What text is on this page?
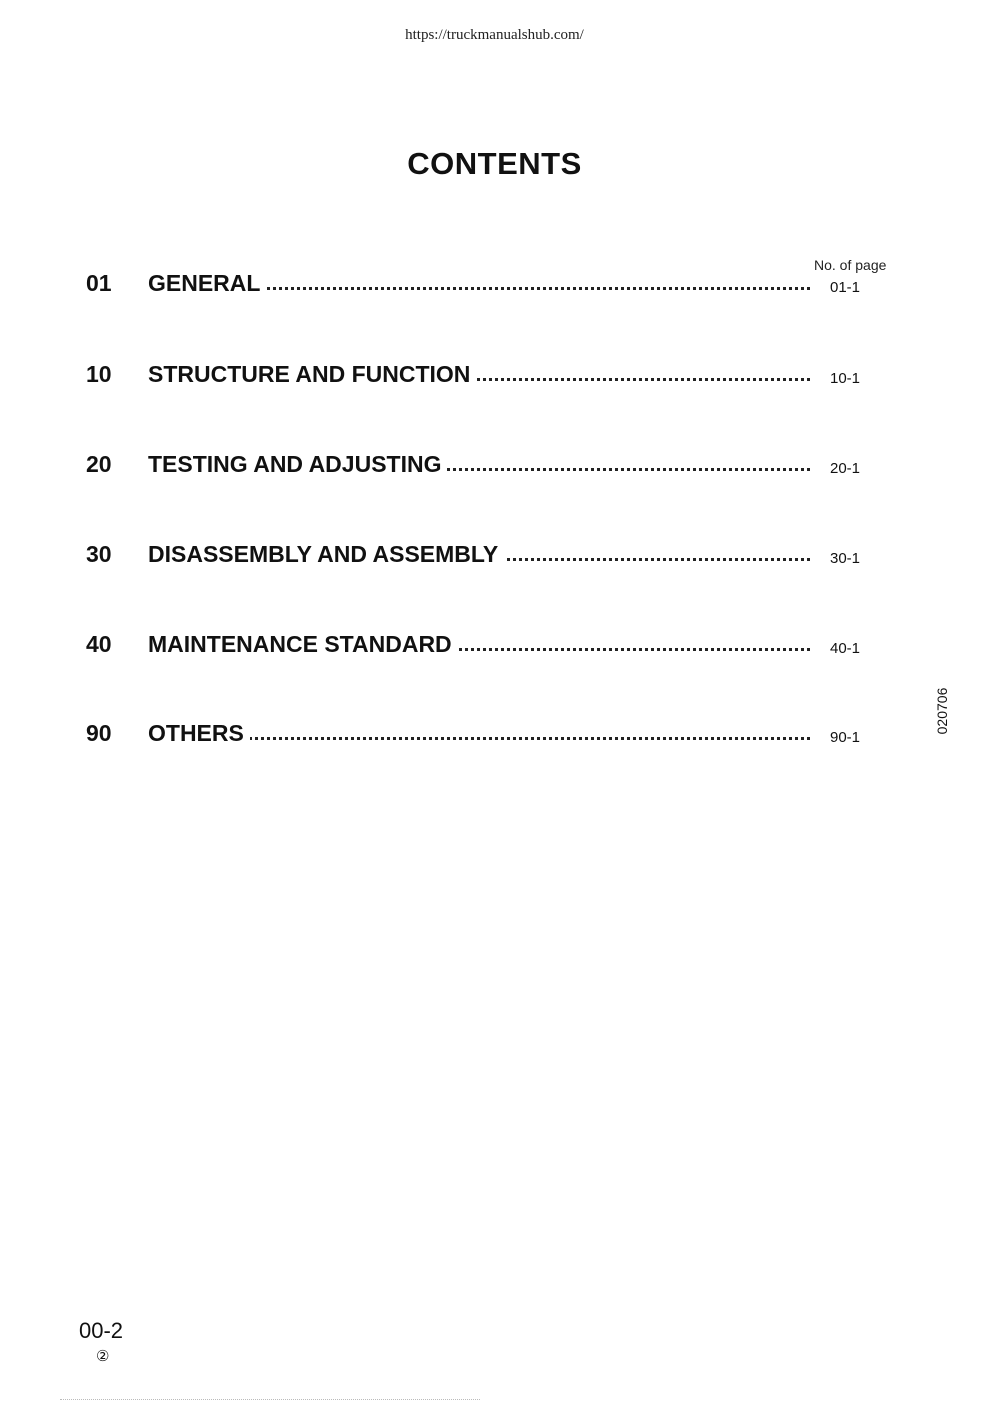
https://truckmanualshub.com/
CONTENTS
No. of page
01 GENERAL	01-1
10 STRUCTURE AND FUNCTION	10-1
20 TESTING AND ADJUSTING	20-1
30 DISASSEMBLY AND ASSEMBLY	30-1
40 MAINTENANCE STANDARD	40-1
90 OTHERS	90-1
020706
00-2
②
